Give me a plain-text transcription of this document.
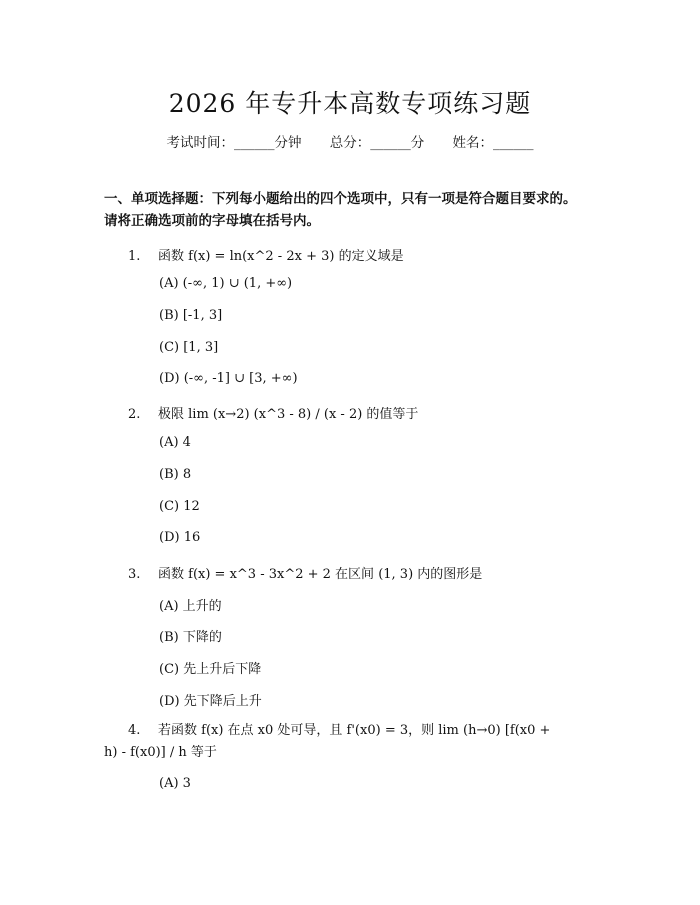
2026 年专升本高数专项练习题
考试时间：______分钟 总分：______分 姓名：______
一、单项选择题：下列每小题给出的四个选项中，只有一项是符合题目要求的。
请将正确选项前的字母填在括号内。
1. 函数 f(x) = ln(x^2 - 2x + 3) 的定义域是
(A) (-∞, 1) ∪ (1, +∞)
(B) [-1, 3]
(C) [1, 3]
(D) (-∞, -1] ∪ [3, +∞)
2. 极限 lim (x→2) (x^3 - 8) / (x - 2) 的值等于
(A) 4
(B) 8
(C) 12
(D) 16
3. 函数 f(x) = x^3 - 3x^2 + 2 在区间 (1, 3) 内的图形是
(A) 上升的
(B) 下降的
(C) 先上升后下降
(D) 先下降后上升
4. 若函数 f(x) 在点 x0 处可导，且 f'(x0) = 3，则 lim (h→0) [f(x0 +
h) - f(x0)] / h 等于
(A) 3
